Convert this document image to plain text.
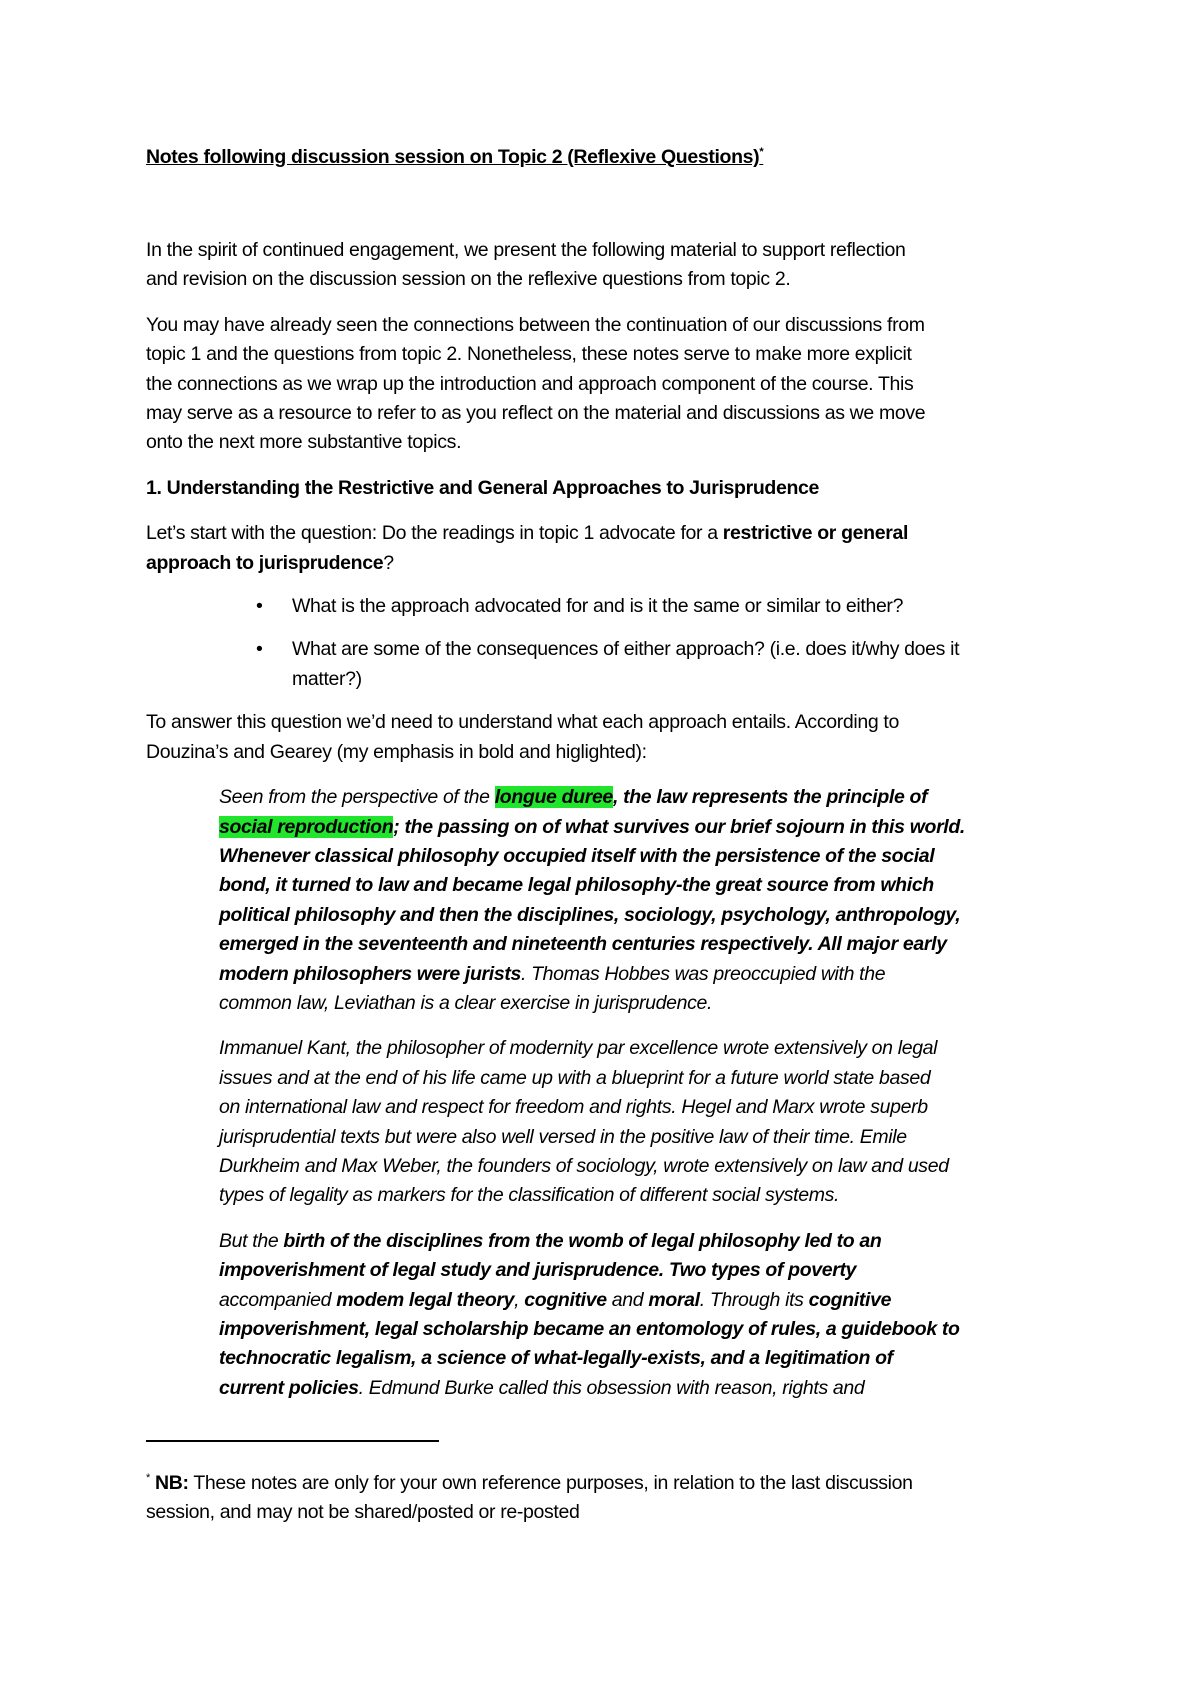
Notes following discussion session on Topic 2 (Reflexive Questions)*

In the spirit of continued engagement, we present the following material to support reflection
and revision on the discussion session on the reflexive questions from topic 2.

You may have already seen the connections between the continuation of our discussions from
topic 1 and the questions from topic 2. Nonetheless, these notes serve to make more explicit
the connections as we wrap up the introduction and approach component of the course. This
may serve as a resource to refer to as you reflect on the material and discussions as we move
onto the next more substantive topics.

1. Understanding the Restrictive and General Approaches to Jurisprudence

Let’s start with the question: Do the readings in topic 1 advocate for a restrictive or general
approach to jurisprudence?

• What is the approach advocated for and is it the same or similar to either?
• What are some of the consequences of either approach? (i.e. does it/why does it
matter?)

To answer this question we’d need to understand what each approach entails. According to
Douzina’s and Gearey (my emphasis in bold and higlighted):

Seen from the perspective of the longue duree, the law represents the principle of
social reproduction; the passing on of what survives our brief sojourn in this world.
Whenever classical philosophy occupied itself with the persistence of the social
bond, it turned to law and became legal philosophy-the great source from which
political philosophy and then the disciplines, sociology, psychology, anthropology,
emerged in the seventeenth and nineteenth centuries respectively. All major early
modern philosophers were jurists. Thomas Hobbes was preoccupied with the
common law, Leviathan is a clear exercise in jurisprudence.

Immanuel Kant, the philosopher of modernity par excellence wrote extensively on legal
issues and at the end of his life came up with a blueprint for a future world state based
on international law and respect for freedom and rights. Hegel and Marx wrote superb
jurisprudential texts but were also well versed in the positive law of their time. Emile
Durkheim and Max Weber, the founders of sociology, wrote extensively on law and used
types of legality as markers for the classification of different social systems.

But the birth of the disciplines from the womb of legal philosophy led to an
impoverishment of legal study and jurisprudence. Two types of poverty
accompanied modem legal theory, cognitive and moral. Through its cognitive
impoverishment, legal scholarship became an entomology of rules, a guidebook to
technocratic legalism, a science of what-legally-exists, and a legitimation of
current policies. Edmund Burke called this obsession with reason, rights and

* NB: These notes are only for your own reference purposes, in relation to the last discussion
session, and may not be shared/posted or re-posted
